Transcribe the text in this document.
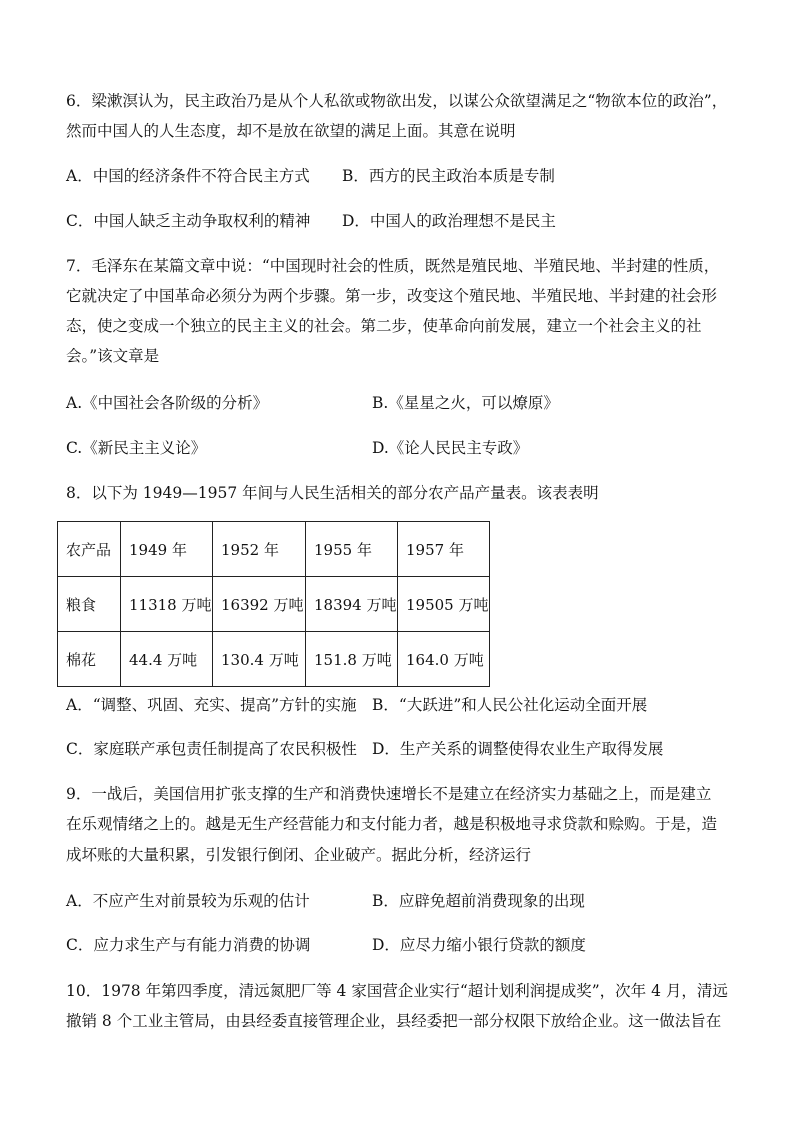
6．梁漱溟认为，民主政治乃是从个人私欲或物欲出发，以谋公众欲望满足之“物欲本位的政治”，
然而中国人的人生态度，却不是放在欲望的满足上面。其意在说明
A．中国的经济条件不符合民主方式 B．西方的民主政治本质是专制
C．中国人缺乏主动争取权利的精神 D．中国人的政治理想不是民主
7．毛泽东在某篇文章中说：“中国现时社会的性质，既然是殖民地、半殖民地、半封建的性质，
它就决定了中国革命必须分为两个步骤。第一步，改变这个殖民地、半殖民地、半封建的社会形
态，使之变成一个独立的民主主义的社会。第二步，使革命向前发展，建立一个社会主义的社
会。”该文章是
A.《中国社会各阶级的分析》	B.《星星之火，可以燎原》
C.《新民主主义论》	D.《论人民民主专政》
8．以下为 1949—1957 年间与人民生活相关的部分农产品产量表。该表表明
农产品	1949 年	1952 年	1955 年	1957 年
粮食	11318 万吨	16392 万吨	18394 万吨	19505 万吨
棉花	44.4 万吨	130.4 万吨	151.8 万吨	164.0 万吨
A．“调整、巩固、充实、提高”方针的实施 B．“大跃进”和人民公社化运动全面开展
C．家庭联产承包责任制提高了农民积极性 D．生产关系的调整使得农业生产取得发展
9．一战后，美国信用扩张支撑的生产和消费快速增长不是建立在经济实力基础之上，而是建立
在乐观情绪之上的。越是无生产经营能力和支付能力者，越是积极地寻求贷款和赊购。于是，造
成坏账的大量积累，引发银行倒闭、企业破产。据此分析，经济运行
A．不应产生对前景较为乐观的估计	B．应辟免超前消费现象的出现
C．应力求生产与有能力消费的协调	D．应尽力缩小银行贷款的额度
10．1978 年第四季度，清远氮肥厂等 4 家国营企业实行“超计划利润提成奖”，次年 4 月，清远
撤销 8 个工业主管局，由县经委直接管理企业，县经委把一部分权限下放给企业。这一做法旨在
